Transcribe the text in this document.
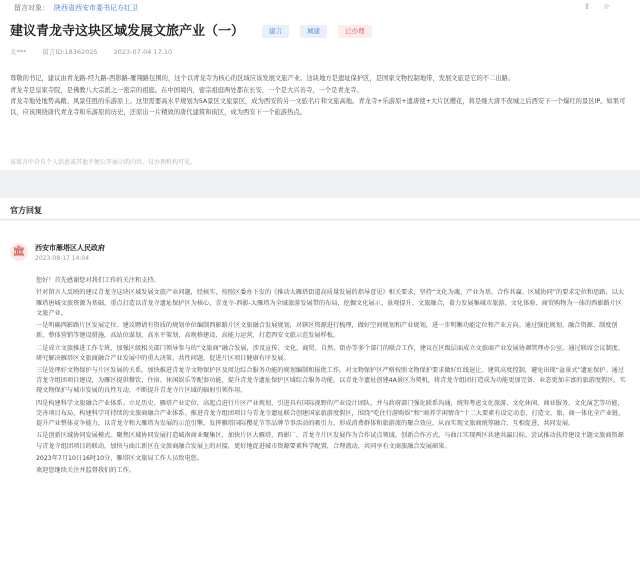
留言对象： 陕西省西安市委书记方红卫	⇪ ☆
建议青龙寺这块区域发展文旅产业（一）	建言	城建	已办理
太*** 留言ID:18362025 2023-07-04 17:10

尊敬的书记，建议由青龙路-经九路-西影路-雁翔路包围的，这个以青龙寺为核心的区域应该发展文旅产业。这块地方是遗址保护区，是国家文物控制地带，发展文旅是它的不二出路。

青龙寺是皇家寺院，是佛教八大宗派之一密宗的祖庭。在中国境内，密宗祖庭两处都在长安，一个是大兴善寺，一个是青龙寺。

青龙寺地处地势高敞、风景佳胜的乐游原上。这里需要高水平规划为5A景区文旅景区，成为西安的另一文旅名片和文旅高地。青龙寺+乐游原+遗唐使+大片区樱花，将是继大唐不夜城之后西安下一个爆红的景区IP。如果可以，应该围绕唐代青龙寺和乐游原的历史，还原出一片精致的唐代建筑和街区，成为西安下一个旅游热点。

该留言中含有个人信息或其他不便公开展示的内容，仅办理机构可见。
官方回复
🏛	西安市雁塔区人民政府
2023-08-17 14:04

您好！首先感谢您对我们工作的关注和支持。

针对留言人反映的建议青龙寺这块区域发展文旅产业问题，经核实，按照区委办下发的《推动大雁塔街道高质量发展的指导意见》相关要求，坚持“文化为魂、产业为基、合作共赢、区域协同”的要求定位和思路，以大雁塔唐城文旅资源为基础，重点打造以青龙寺遗址保护区为核心，青龙寺-西影-大雁塔为全域旅游发展带的布局，挖掘文化展示、景观提升、文旅融合，着力发展集城市旅游、文化体验、商贸购物为一体的西影路片区文旅产业。

一是明确西影路片区发展定位。建议聘请有资质的规划单位编制西影路片区文旅融合发展规划，对辖区资源进行梳理，做好空间规划和产业规划，进一步明晰功能定位和产业方向。通过强化规划、融合资源、制度创新、整体营销等建设措施，高站位谋划、高水平策划、高规格建设、高能力运营，打造西安文旅示范发展样板。

二是成立文旅推进工作专班，加强区级相关部门领导参与的“文旅商”融合发展，涉及宣传、文化、商贸、自然、街办等多个部门的联合工作，建议在区级层面成立文旅商产业发展协调管理办公室，通过联席会议制度，研究解决雁塔区文旅商融合产业发展中的重大决策、共性问题，促进片区项目健康有序发展。

三是处理好文物保护与片区发展的关系。加快推进青龙寺文物保护区及周边综合服务功能的规划编制和报批工作。对文物保护区严格按照文物保护要求做好红线退让、建筑高度控制，避免出现“盆景式”遗址保护。通过青龙寺组团项目建设，为雁区提供餐饮、住宿、休闲娱乐等配套功能，提升青龙寺遗址保护区域综合服务功能，以青龙寺遗址创建4A景区为契机，将青龙寺组团打造成为功能更加完备、业态更加丰富的旅游度假区，实现文物保护与城市发展的良性互动，不断提升青龙寺片区域的辐射引领作用。

四是构建科学文旅融合产业体系。立足历史、雁塔产业定位，高起点进行片区产业规划，引进具有国际视野的产业设计团队，并与政府部门强化联系沟通，统筹考虑文化旅游、文化休闲、商业服务、文化演艺等功能，完善项目布局，构建科学可持续的文旅商融合产业体系。推进青龙寺组团项目与青龙寺遗址联合创建国家旅游度假区，围绕“吃住行游购娱”和“商养学闲情奇”十二大要素有设定动态、打造文、旅、商一体化全产业链，提升产业整体竞争能力，以青龙寺和大雁塔为发展的示范引擎，发挥雁塔国际樱花节等品牌节事活动的吸引力，形成消费群体和旅游流的聚合效应，从而实现文旅商统筹融合、互相促进、共同发展。

五是创新区域协同发展模式。聚焦区域协同发展打造城南商业聚集区，加快片区大雁塔、西影厂、青龙寺片区发展作为合作试点领域，创新合作方式，与曲江实现两区共建共赢目标。尝试推动扶持建设主题文旅商资源与青龙寺组团项目的联动，加快与曲江新区在文旅商融合发展上的对接，更好地促进城市资源要素科学配置，合理流动，共同享有文商旅融合发展硕果。

2023年7月10日16时10分，雁塔区文旅局工作人员致电您。

欢迎您继续关注并监督我们的工作。
